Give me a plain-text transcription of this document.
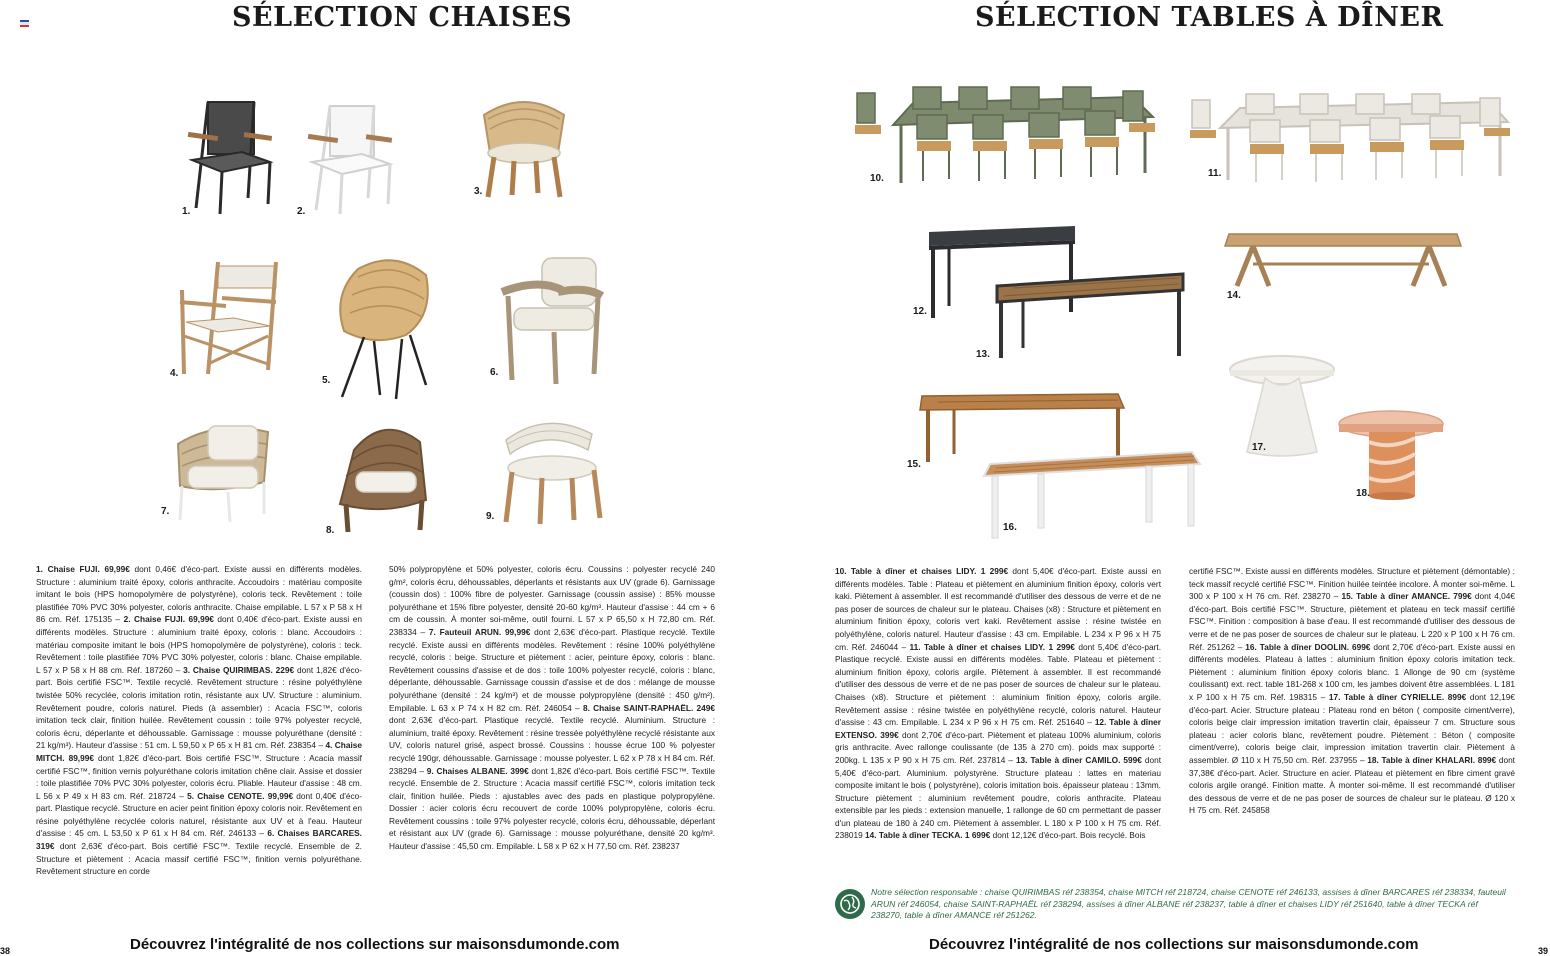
SÉLECTION CHAISES
1.	2.
3.
4.
5.
6.
7.
8.
9.
1. Chaise FUJI. 69,99€ dont 0,46€ d'éco-part. Existe aussi en différents modèles. Structure : aluminium traité époxy, coloris anthracite. Accoudoirs : matériau composite imitant le bois (HPS homopolymère de polystyrène), coloris teck. Revêtement : toile plastifiée 70% PVC 30% polyester, coloris anthracite. Chaise empilable. L 57 x P 58 x H 86 cm. Réf. 175135 – 2. Chaise FUJI. 69,99€ dont 0,40€ d'éco-part. Existe aussi en différents modèles. Structure : aluminium traité époxy, coloris : blanc. Accoudoirs : matériau composite imitant le bois (HPS homopolymère de polystyrène), coloris : teck. Revêtement : toile plastifiée 70% PVC 30% polyester, coloris : blanc. Chaise empilable. L 57 x P 58 x H 88 cm. Réf. 187260 – 3. Chaise QUIRIMBAS. 229€ dont 1,82€ d'éco-part. Bois certifié FSC™. Textile recyclé. Revêtement structure : résine polyéthylène twistée 50% recyclée, coloris imitation rotin, résistante aux UV. Structure : aluminium. Revêtement poudre, coloris naturel. Pieds (à assembler) : Acacia FSC™, coloris imitation teck clair, finition huilée. Revêtement coussin : toile 97% polyester recyclé, coloris écru, déperlante et déhoussable. Garnissage : mousse polyuréthane (densité : 21 kg/m³). Hauteur d'assise : 51 cm. L 59,50 x P 65 x H 81 cm. Réf. 238354 – 4. Chaise MITCH. 89,99€ dont 1,82€ d'éco-part. Bois certifié FSC™. Structure : Acacia massif certifié FSC™, finition vernis polyuréthane coloris imitation chêne clair. Assise et dossier : toile plastifiée 70% PVC 30% polyester, coloris écru. Pliable. Hauteur d'assise : 48 cm. L 56 x P 49 x H 83 cm. Réf. 218724 – 5. Chaise CENOTE. 99,99€ dont 0,40€ d'éco-part. Plastique recyclé. Structure en acier peint finition époxy coloris noir. Revêtement en résine polyéthylène recyclée coloris naturel, résistante aux UV et à l'eau. Hauteur d'assise : 45 cm. L 53,50 x P 61 x H 84 cm. Réf. 246133 – 6. Chaises BARCARES. 319€ dont 2,63€ d'éco-part. Bois certifié FSC™. Textile recyclé. Ensemble de 2. Structure et piètement : Acacia massif certifié FSC™, finition vernis polyuréthane. Revêtement structure en corde
50% polypropylène et 50% polyester, coloris écru. Coussins : polyester recyclé 240 g/m², coloris écru, déhoussables, déperlants et résistants aux UV (grade 6). Garnissage (coussin dos) : 100% fibre de polyester. Garnissage (coussin assise) : 85% mousse polyuréthane et 15% fibre polyester, densité 20-60 kg/m³. Hauteur d'assise : 44 cm + 6 cm de coussin. À monter soi-même, outil fourni. L 57 x P 65,50 x H 72,80 cm. Réf. 238334 – 7. Fauteuil ARUN. 99,99€ dont 2,63€ d'éco-part. Plastique recyclé. Textile recyclé. Existe aussi en différents modèles. Revêtement : résine 100% polyéthylène recyclé, coloris : beige. Structure et piètement : acier, peinture époxy, coloris : blanc. Revêtement coussins d'assise et de dos : toile 100% polyester recyclé, coloris : blanc, déperlante, déhoussable. Garnissage coussin d'assise et de dos : mélange de mousse polyuréthane (densité : 24 kg/m³) et de mousse polypropylène (densité : 450 g/m²). Empilable. L 63 x P 74 x H 82 cm. Réf. 246054 – 8. Chaise SAINT-RAPHAËL. 249€ dont 2,63€ d'éco-part. Plastique recyclé. Textile recyclé. Aluminium. Structure : aluminium, traité époxy. Revêtement : résine tressée polyéthylène recyclé résistante aux UV, coloris naturel grisé, aspect brossé. Coussins : housse écrue 100 % polyester recyclé 190gr, déhoussable. Garnissage : mousse polyester. L 62 x P 78 x H 84 cm. Réf. 238294 – 9. Chaises ALBANE. 399€ dont 1,82€ d'éco-part. Bois certifié FSC™. Textile recyclé. Ensemble de 2. Structure : Acacia massif certifié FSC™, coloris imitation teck clair, finition huilée. Pieds : ajustables avec des pads en plastique polypropylène. Dossier : acier coloris écru recouvert de corde 100% polypropylène, coloris écru. Revêtement coussins : toile 97% polyester recyclé, coloris écru, déhoussable, déperlant et résistant aux UV (grade 6). Garnissage : mousse polyuréthane, densité 20 kg/m³. Hauteur d'assise : 45,50 cm. Empilable. L 58 x P 62 x H 77,50 cm. Réf. 238237
Découvrez l'intégralité de nos collections sur maisonsdumonde.com
38
SÉLECTION TABLES À DÎNER
10.	11.
12.
13.
14.
15.
16.
17.
18.
10. Table à dîner et chaises LIDY. 1 299€ dont 5,40€ d'éco-part. Existe aussi en différents modèles. Table : Plateau et piètement en aluminium finition époxy, coloris vert kaki. Piètement à assembler. Il est recommandé d'utiliser des dessous de verre et de ne pas poser de sources de chaleur sur le plateau. Chaises (x8) : Structure et piètement en aluminium finition époxy, coloris vert kaki. Revêtement assise : résine twistée en polyéthylène, coloris naturel. Hauteur d'assise : 43 cm. Empilable. L 234 x P 96 x H 75 cm. Réf. 246044 – 11. Table à dîner et chaises LIDY. 1 299€ dont 5,40€ d'éco-part. Plastique recyclé. Existe aussi en différents modèles. Table. Plateau et piètement : aluminium finition époxy, coloris argile. Piètement à assembler. Il est recommandé d'utiliser des dessous de verre et de ne pas poser de sources de chaleur sur le plateau. Chaises (x8). Structure et piètement : aluminium finition époxy, coloris argile. Revêtement assise : résine twistée en polyéthylène recyclé, coloris naturel. Hauteur d'assise : 43 cm. Empilable. L 234 x P 96 x H 75 cm. Réf. 251640 – 12. Table à dîner EXTENSO. 399€ dont 2,70€ d'éco-part. Piètement et plateau 100% aluminium, coloris gris anthracite. Avec rallonge coulissante (de 135 à 270 cm). poids max supporté : 200kg. L 135 x P 90 x H 75 cm. Réf. 237814 – 13. Table à dîner CAMILO. 599€ dont 5,40€ d'éco-part. Aluminium. polystyrène. Structure plateau : lattes en materiau composite imitant le bois ( polystyrène), coloris imitation bois. épaisseur plateau : 13mm. Structure piètement : aluminium revêtement poudre, coloris anthracite. Plateau extensible par les pieds : extension manuelle, 1 rallonge de 60 cm permettant de passer d'un plateau de 180 à 240 cm. Piètement à assembler. L 180 x P 100 x H 75 cm. Réf. 238019 14. Table à dîner TECKA. 1 699€ dont 12,12€ d'éco-part. Bois recyclé. Bois
certifié FSC™. Existe aussi en différents modèles. Structure et piètement (démontable) : teck massif recyclé certifié FSC™. Finition huilée teintée incolore. À monter soi-même. L 300 x P 100 x H 76 cm. Réf. 238270 – 15. Table à dîner AMANCE. 799€ dont 4,04€ d'éco-part. Bois certifié FSC™. Structure, piètement et plateau en teck massif certifié FSC™. Finition : composition à base d'eau. Il est recommandé d'utiliser des dessous de verre et de ne pas poser de sources de chaleur sur le plateau. L 220 x P 100 x H 76 cm. Réf. 251262 – 16. Table à dîner DOOLIN. 699€ dont 2,70€ d'éco-part. Existe aussi en différents modèles. Plateau à lattes : aluminium finition époxy coloris imitation teck. Piètement : aluminium finition époxy coloris blanc. 1 Allonge de 90 cm (système coulissant) ext. rect. table 181-268 x 100 cm, les jambes doivent être assemblées. L 181 x P 100 x H 75 cm. Réf. 198315 – 17. Table à dîner CYRIELLE. 899€ dont 12,19€ d'éco-part. Acier. Structure plateau : Plateau rond en béton ( composite ciment/verre), coloris beige clair impression imitation travertin clair, épaisseur 7 cm. Structure sous plateau : acier coloris blanc, revêtement poudre. Piètement : Béton ( composite ciment/verre), coloris beige clair, impression imitation travertin clair. Piètement à assembler. Ø 110 x H 75,50 cm. Réf. 237955 – 18. Table à dîner KHALARI. 899€ dont 37,38€ d'éco-part. Acier. Structure en acier. Plateau et piètement en fibre ciment gravé coloris argile orangé. Finition matte. À monter soi-même. Il est recommandé d'utiliser des dessous de verre et de ne pas poser de sources de chaleur sur le plateau. Ø 120 x H 75 cm. Réf. 245858
Notre sélection responsable : chaise QUIRIMBAS réf 238354, chaise MITCH réf 218724, chaise CENOTE réf 246133, assises à dîner BARCARES réf 238334, fauteuil ARUN réf 246054, chaise SAINT-RAPHAËL réf 238294, assises à dîner ALBANE réf 238237, table à dîner et chaises LIDY réf 251640, table à dîner TECKA réf 238270, table à dîner AMANCE réf 251262.
Découvrez l'intégralité de nos collections sur maisonsdumonde.com	39
